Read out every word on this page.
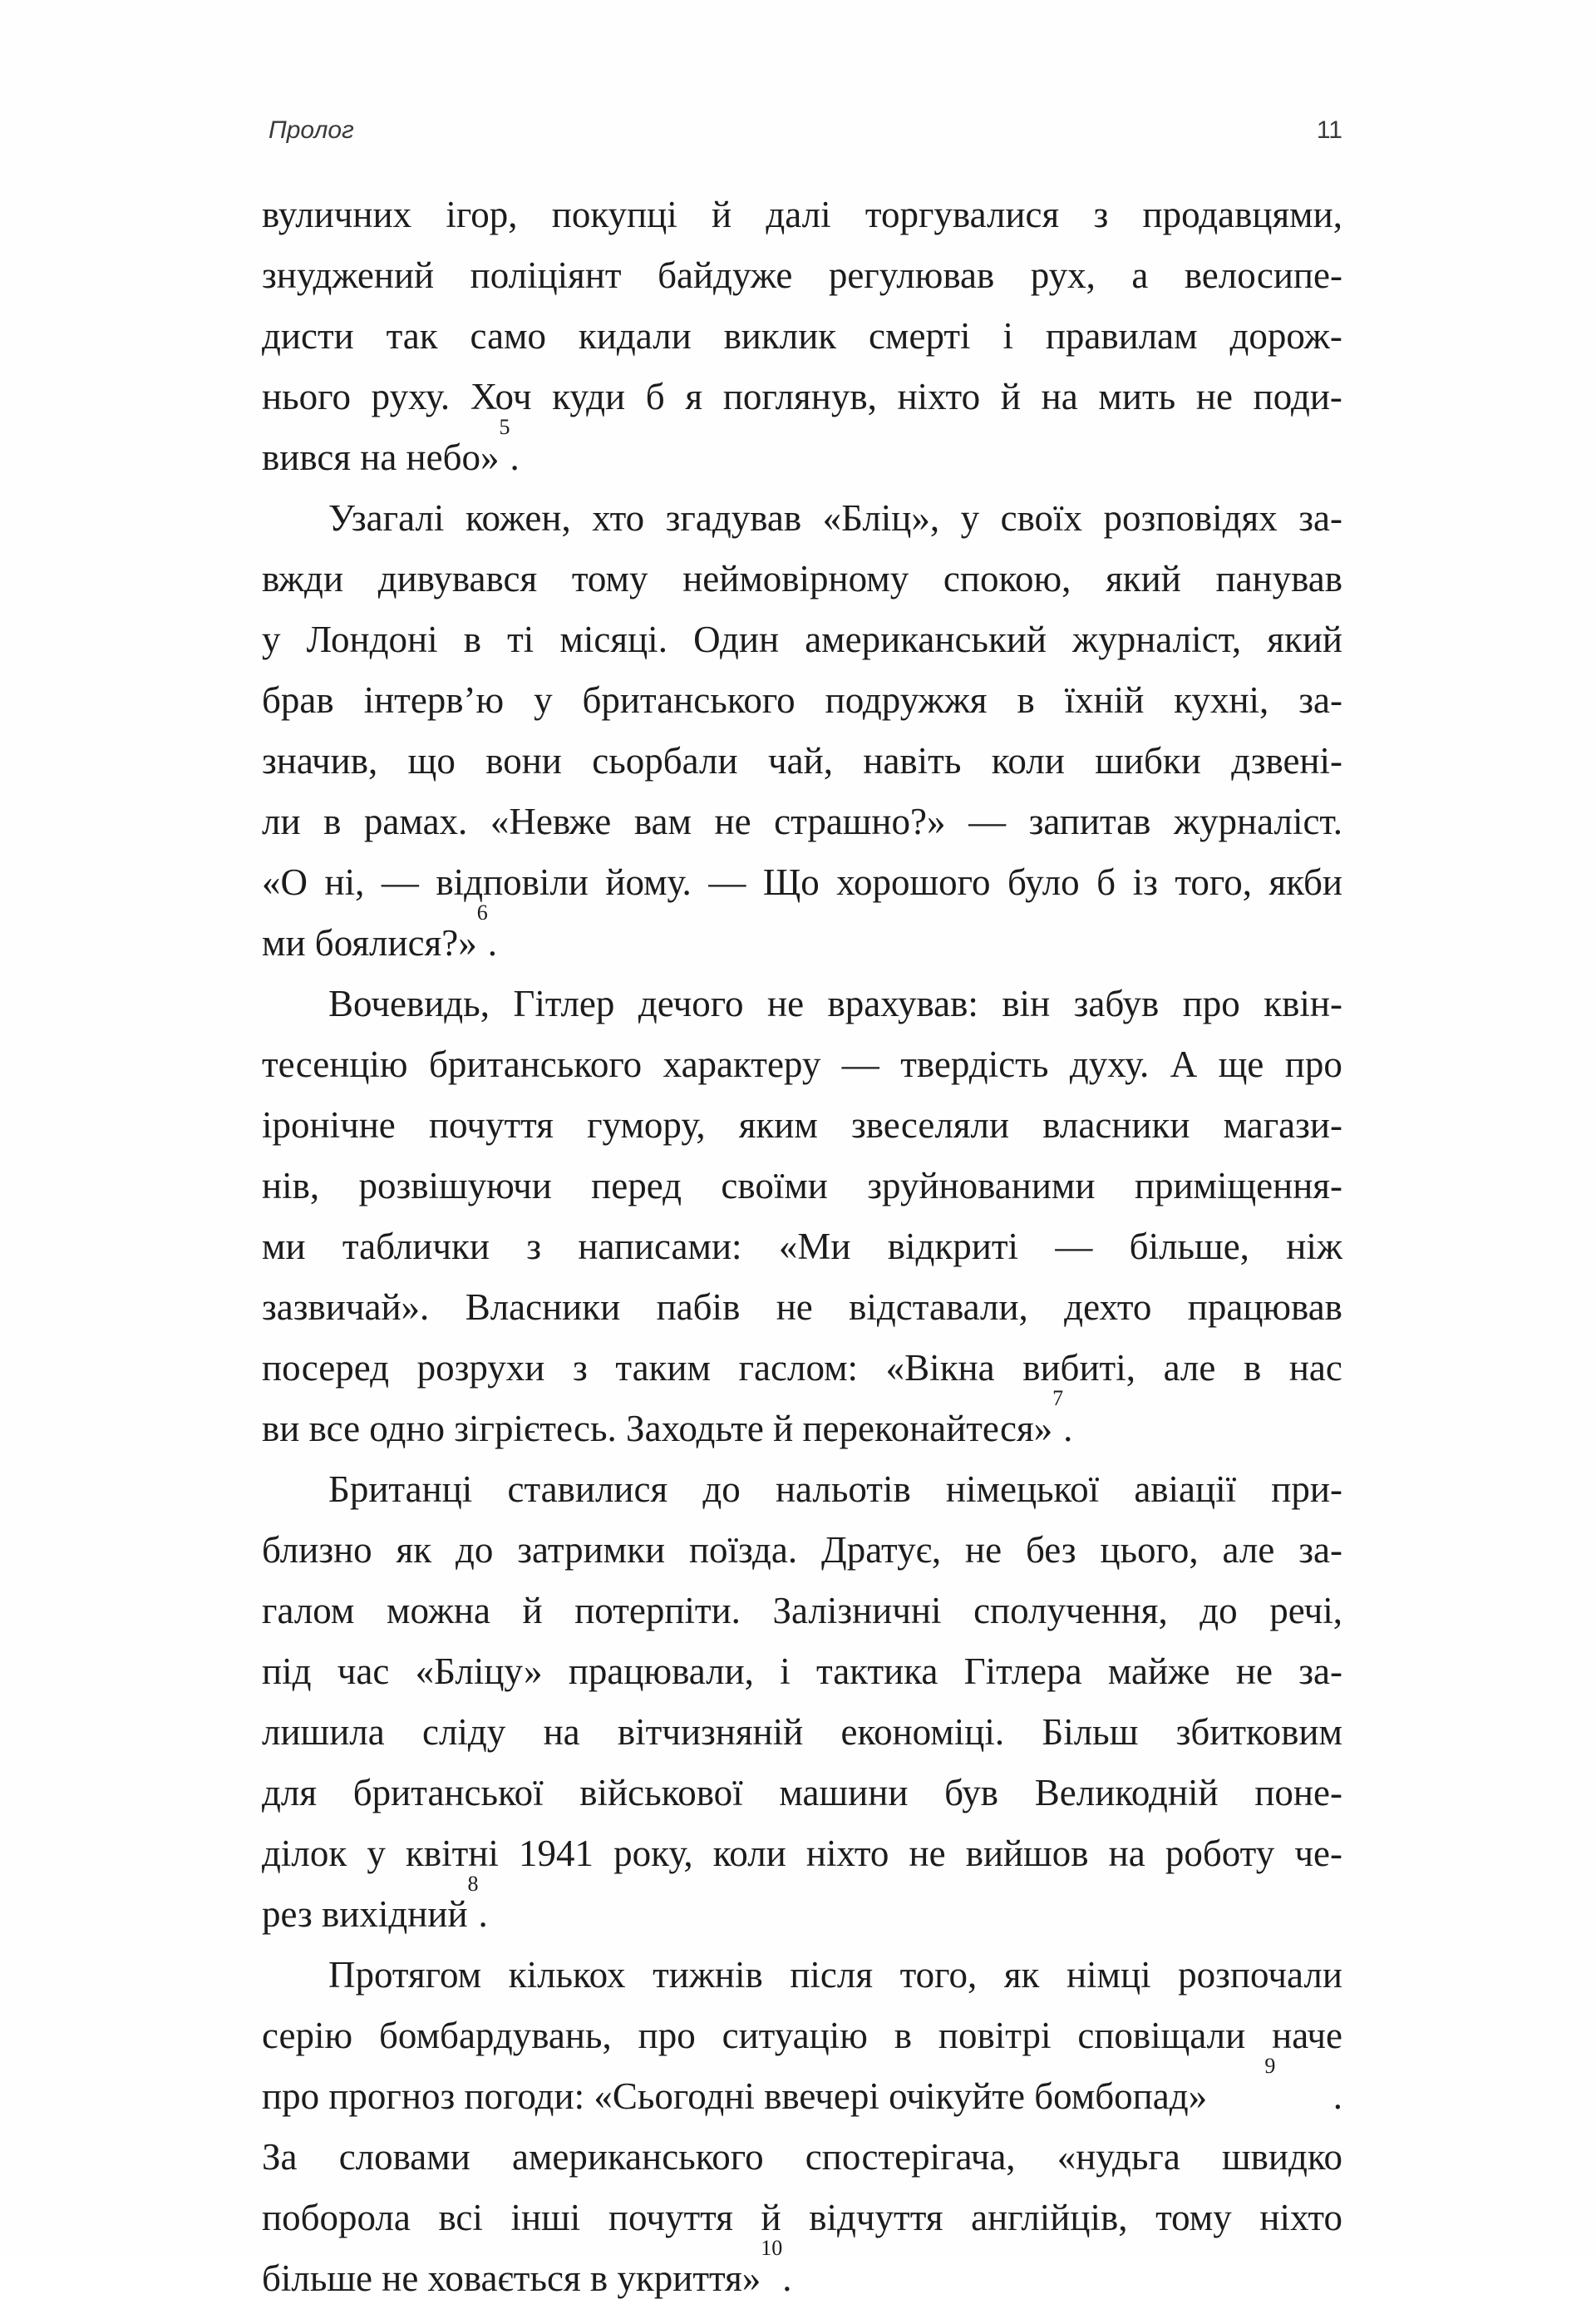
Пролог	11
вуличних ігор, покупці й далі торгувалися з продавцями,
знуджений поліціянт байдуже регулював рух, а велосипе-
дисти так само кидали виклик смерті і правилам дорож-
нього руху. Хоч куди б я поглянув, ніхто й на мить не поди-
вився на небо»
5
.
Узагалі кожен, хто згадував «Бліц», у своїх розповідях за-
вжди дивувався тому неймовірному спокою, який панував
у Лондоні в ті місяці. Один американський журналіст, який
брав інтерв’ю у британського подружжя в їхній кухні, за-
значив, що вони сьорбали чай, навіть коли шибки дзвені-
ли в рамах. «Невже вам не страшно?» — запитав журналіст.
«О ні, — відповіли йому. — Що хорошого було б із того, якби
ми боялися?»
6
.
Вочевидь, Гітлер дечого не врахував: він забув про квін-
тесенцію британського характеру — твердість духу. А ще про
іронічне почуття гумору, яким звеселяли власники магази-
нів, розвішуючи перед своїми зруйнованими приміщення-
ми таблички з написами: «Ми відкриті — більше, ніж
зазвичай». Власники пабів не відставали, дехто працював
посеред розрухи з таким гаслом: «Вікна вибиті, але в нас
ви все одно зігрієтесь. Заходьте й переконайтеся»
7
.
Британці ставилися до нальотів німецької авіації при-
близно як до затримки поїзда. Дратує, не без цього, але за-
галом можна й потерпіти. Залізничні сполучення, до речі,
під час «Бліцу» працювали, і тактика Гітлера майже не за-
лишила сліду на вітчизняній економіці. Більш збитковим
для британської військової машини був Великодній поне-
ділок у квітні 1941 року, коли ніхто не вийшов на роботу че-
рез вихідний
8
.
Протягом кількох тижнів після того, як німці розпочали
серію бомбардувань, про ситуацію в повітрі сповіщали наче
про прогноз погоди: «Сьогодні ввечері очікуйте бомбопад»
9
.
За словами американського спостерігача, «нудьга швидко
поборола всі інші почуття й відчуття англійців, тому ніхто
більше не ховається в укриття»
10
.
